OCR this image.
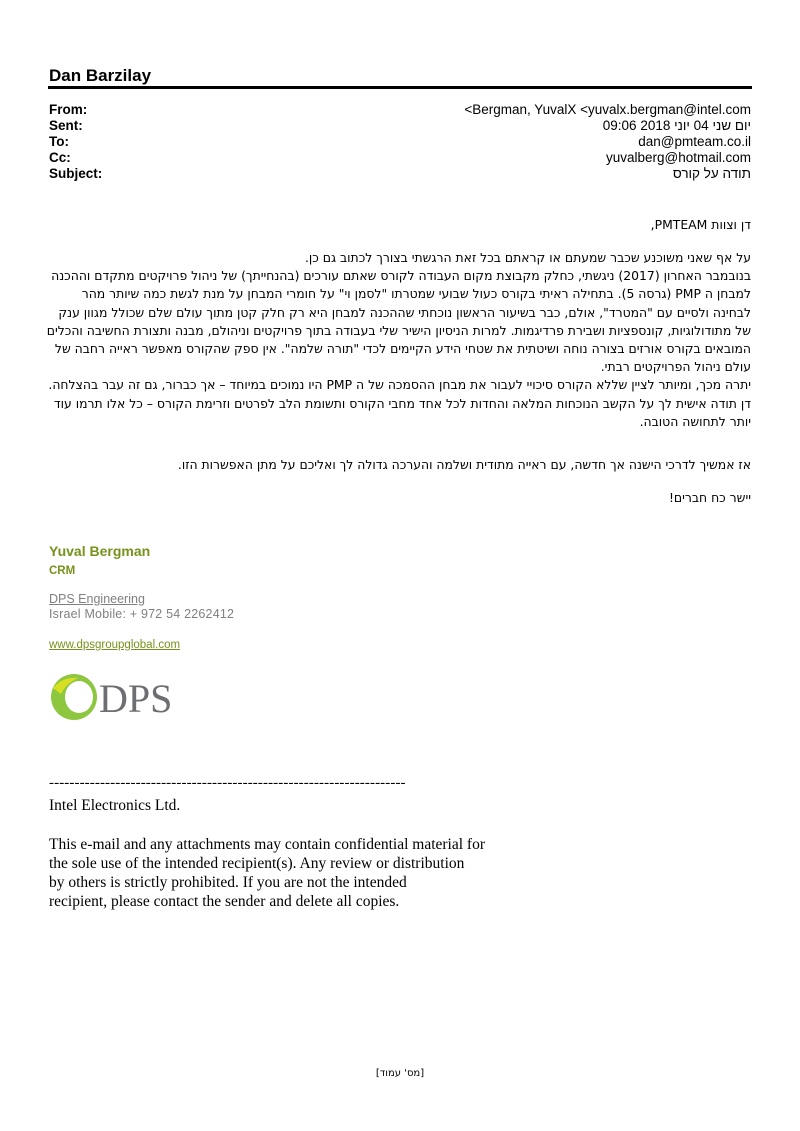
Dan Barzilay
From:	<Bergman, YuvalX <yuvalx.bergman@intel.com
Sent:	יום שני 04 יוני 2018 09:06
To:	dan@pmteam.co.il
Cc:	yuvalberg@hotmail.com
Subject:	תודה על קורס

דן וצוות PMTEAM,

על אף שאני משוכנע שכבר שמעתם או קראתם בכל זאת הרגשתי בצורך לכתוב גם כן.

בנובמבר האחרון (2017) ניגשתי, כחלק מקבוצת מקום העבודה לקורס שאתם עורכים (בהנחייתך) של ניהול פרויקטים מתקדם וההכנה למבחן ה PMP (גרסה 5). בתחילה ראיתי בקורס כעול שבועי שמטרתו "לסמן וי" על חומרי המבחן על מנת לגשת כמה שיותר מהר לבחינה ולסיים עם "המטרד", אולם, כבר בשיעור הראשון נוכחתי שההכנה למבחן היא רק חלק קטן מתוך עולם שלם שכולל מגוון ענק של מתודולוגיות, קונספציות ושבירת פרדיגמות. למרות הניסיון הישיר שלי בעבודה בתוך פרויקטים וניהולם, מבנה ותצורת החשיבה והכלים המובאים בקורס אורזים בצורה נוחה ושיטתית את שטחי הידע הקיימים לכדי "תורה שלמה". אין ספק שהקורס מאפשר ראייה רחבה של עולם ניהול הפרויקטים רבתי.

יתרה מכך, ומיותר לציין שללא הקורס סיכויי לעבור את מבחן ההסמכה של ה PMP היו נמוכים במיוחד – אך כברור, גם זה עבר בהצלחה.

דן תודה אישית לך על הקשב הנוכחות המלאה והחדות לכל אחד מחבי הקורס ותשומת הלב לפרטים וזרימת הקורס – כל אלו תרמו עוד יותר לתחושה הטובה.

אז אמשיך לדרכי הישנה אך חדשה, עם ראייה מתודית ושלמה והערכה גדולה לך ואליכם על מתן האפשרות הזו.

יישר כח חברים!

Yuval Bergman
CRM
DPS Engineering
Israel Mobile: + 972 54 2262412
www.dpsgroupglobal.com
DPS
----------------------------------------------------------------------
Intel Electronics Ltd.
This e-mail and any attachments may contain confidential material for
the sole use of the intended recipient(s). Any review or distribution
by others is strictly prohibited. If you are not the intended
recipient, please contact the sender and delete all copies.
[מס' עמוד]
